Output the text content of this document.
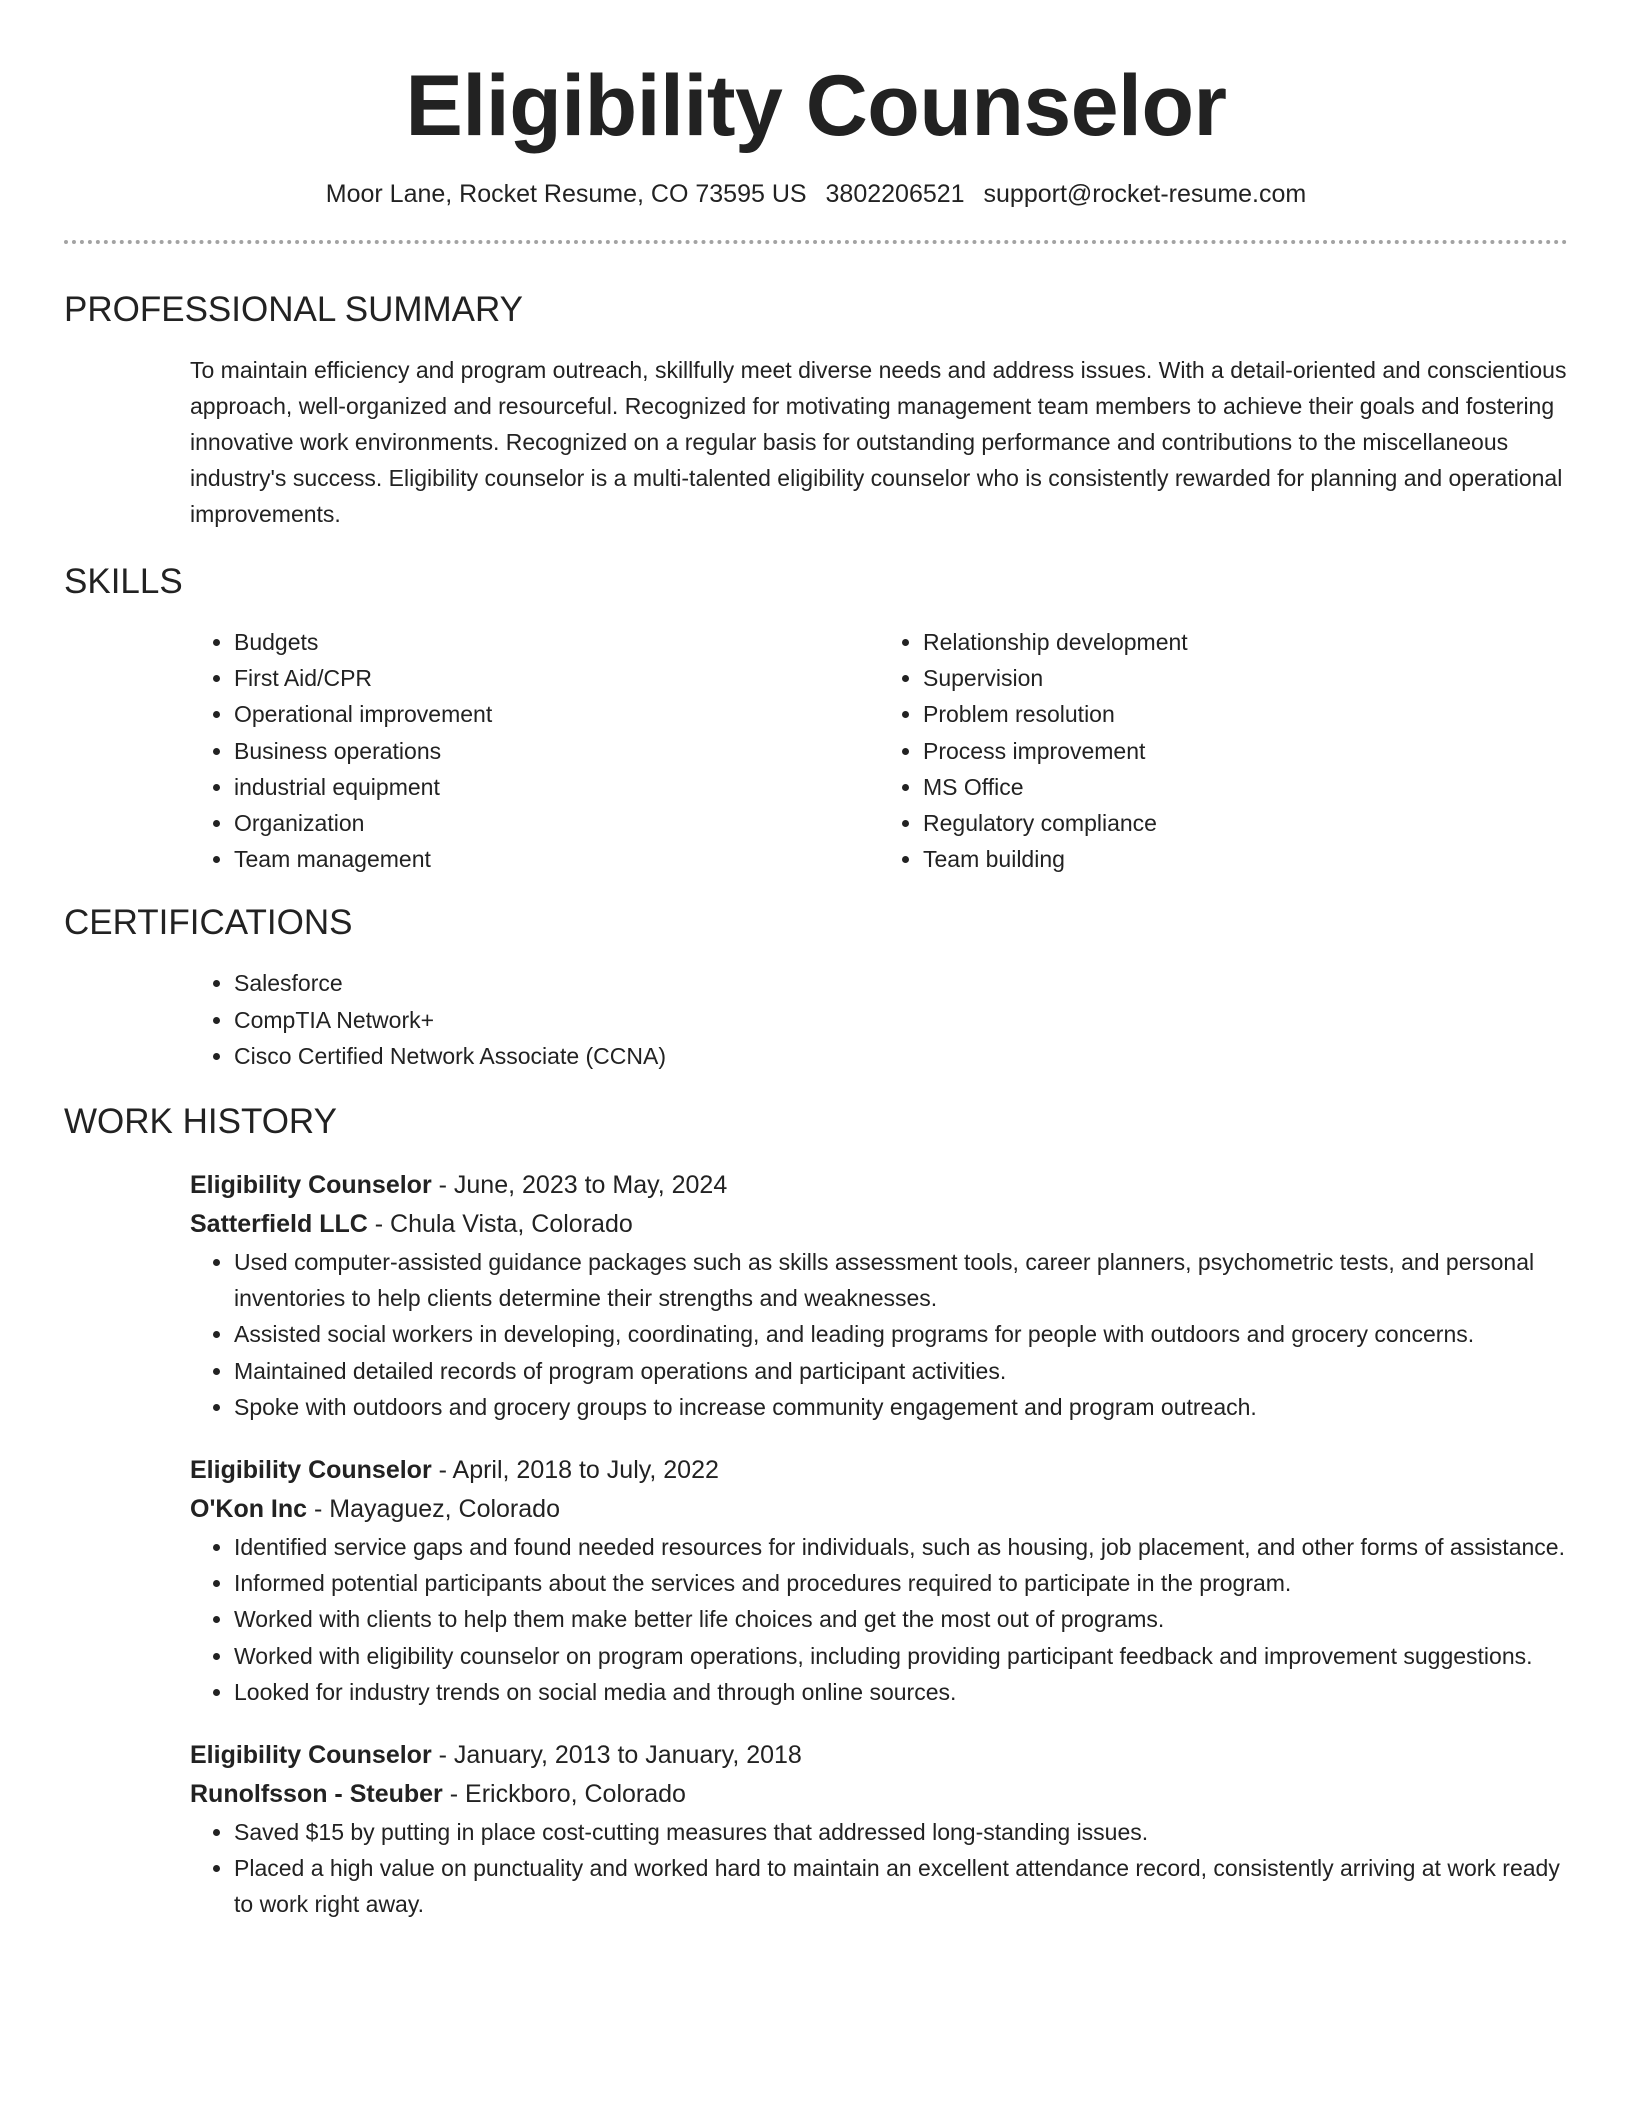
Eligibility Counselor
Moor Lane, Rocket Resume, CO 73595 US 3802206521 support@rocket-resume.com
PROFESSIONAL SUMMARY

To maintain efficiency and program outreach, skillfully meet diverse needs and address issues. With a detail-oriented and conscientious approach, well-organized and resourceful. Recognized for motivating management team members to achieve their goals and fostering innovative work environments. Recognized on a regular basis for outstanding performance and contributions to the miscellaneous industry's success. Eligibility counselor is a multi-talented eligibility counselor who is consistently rewarded for planning and operational improvements.

SKILLS
• Budgets
• First Aid/CPR
• Operational improvement
• Business operations
• industrial equipment
• Organization
• Team management
• Relationship development
• Supervision
• Problem resolution
• Process improvement
• MS Office
• Regulatory compliance
• Team building
CERTIFICATIONS
• Salesforce
• CompTIA Network+
• Cisco Certified Network Associate (CCNA)
WORK HISTORY
Eligibility Counselor - June, 2023 to May, 2024
Satterfield LLC - Chula Vista, Colorado
• Used computer-assisted guidance packages such as skills assessment tools, career planners, psychometric tests, and personal inventories to help clients determine their strengths and weaknesses.
• Assisted social workers in developing, coordinating, and leading programs for people with outdoors and grocery concerns.
• Maintained detailed records of program operations and participant activities.
• Spoke with outdoors and grocery groups to increase community engagement and program outreach.
Eligibility Counselor - April, 2018 to July, 2022
O'Kon Inc - Mayaguez, Colorado
• Identified service gaps and found needed resources for individuals, such as housing, job placement, and other forms of assistance.
• Informed potential participants about the services and procedures required to participate in the program.
• Worked with clients to help them make better life choices and get the most out of programs.
• Worked with eligibility counselor on program operations, including providing participant feedback and improvement suggestions.
• Looked for industry trends on social media and through online sources.
Eligibility Counselor - January, 2013 to January, 2018
Runolfsson - Steuber - Erickboro, Colorado
• Saved $15 by putting in place cost-cutting measures that addressed long-standing issues.
• Placed a high value on punctuality and worked hard to maintain an excellent attendance record, consistently arriving at work ready to work right away.
